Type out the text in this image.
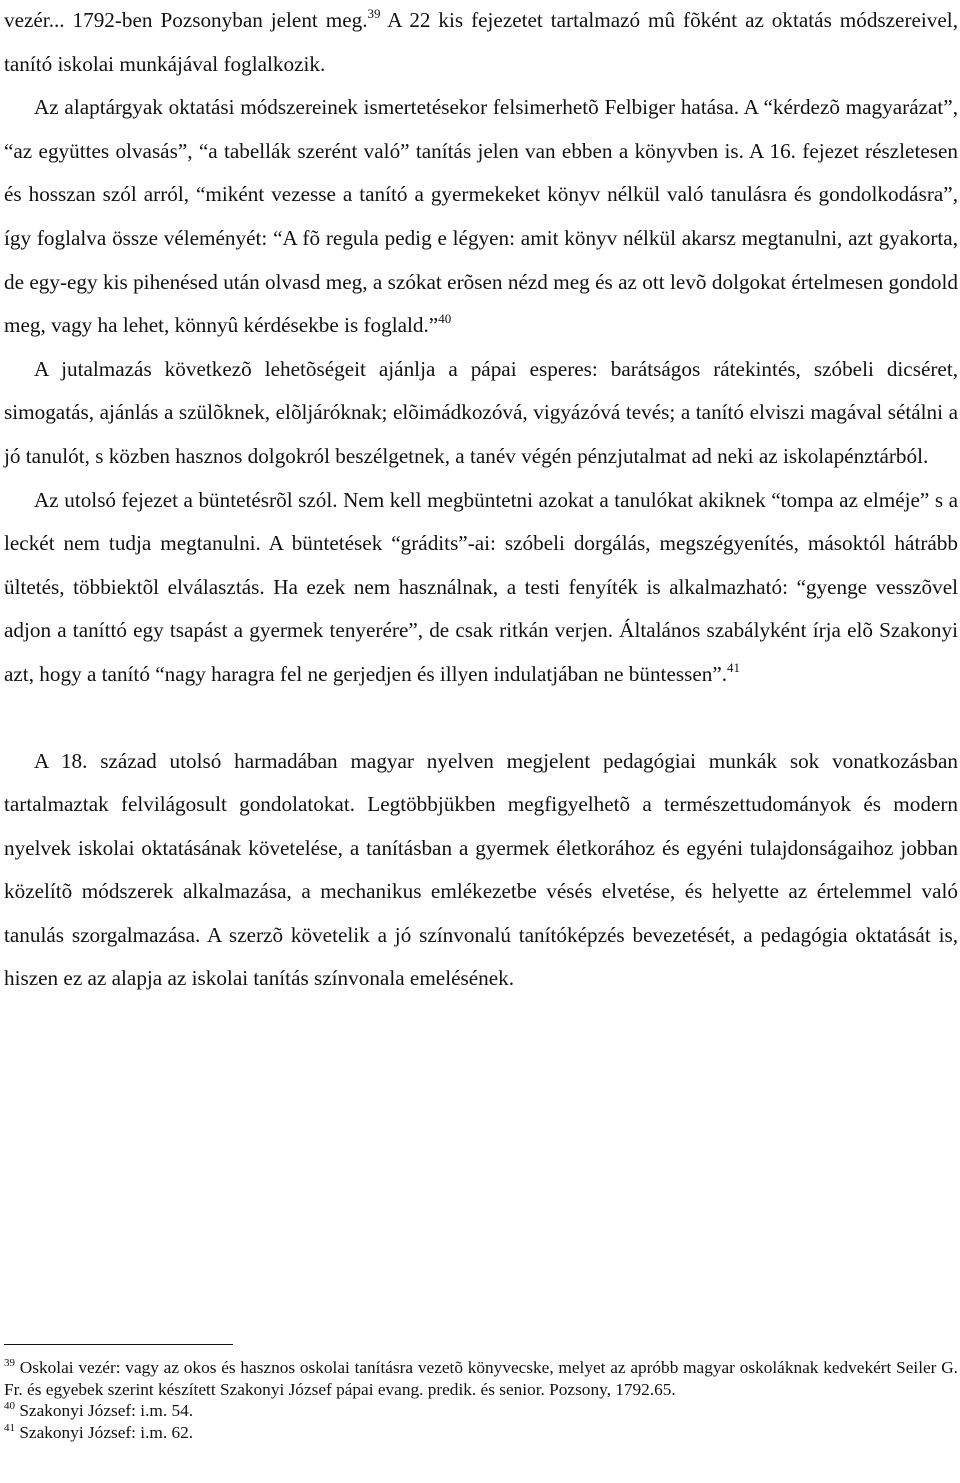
vezér... 1792-ben Pozsonyban jelent meg.$^{39}$ A 22 kis fejezetet tartalmazó mû fõként az oktatás módszereivel, tanító iskolai munkájával foglalkozik.

Az alaptárgyak oktatási módszereinek ismertetésekor felsimerhetõ Felbiger hatása. A “kérdezõ magyarázat”, “az együttes olvasás”, “a tabellák szerént való” tanítás jelen van ebben a könyvben is. A 16. fejezet részletesen és hosszan szól arról, “miként vezesse a tanító a gyermekeket könyv nélkül való tanulásra és gondolkodásra”, így foglalva össze véleményét: “A fõ regula pedig e légyen: amit könyv nélkül akarsz megtanulni, azt gyakorta, de egy-egy kis pihenésed után olvasd meg, a szókat erõsen nézd meg és az ott levõ dolgokat értelmesen gondold meg, vagy ha lehet, könnyû kérdésekbe is foglald.”$^{40}$

A jutalmazás következõ lehetõségeit ajánlja a pápai esperes: barátságos rátekintés, szóbeli dicséret, simogatás, ajánlás a szülõknek, elõljáróknak; elõimádkozóvá, vigyázóvá tevés; a tanító elviszi magával sétálni a jó tanulót, s közben hasznos dolgokról beszélgetnek, a tanév végén pénzjutalmat ad neki az iskolapénztárból.

Az utolsó fejezet a büntetésrõl szól. Nem kell megbüntetni azokat a tanulókat akiknek “tompa az elméje” s a leckét nem tudja megtanulni. A büntetések “grádits”-ai: szóbeli dorgálás, megszégyenítés, másoktól hátrább ültetés, többiektõl elválasztás. Ha ezek nem használnak, a testi fenyíték is alkalmazható: “gyenge vesszõvel adjon a taníttó egy tsapást a gyermek tenyerére”, de csak ritkán verjen. Általános szabályként írja elõ Szakonyi azt, hogy a tanító “nagy haragra fel ne gerjedjen és illyen indulatjában ne büntessen”.$^{41}$

A 18. század utolsó harmadában magyar nyelven megjelent pedagógiai munkák sok vonatkozásban tartalmaztak felvilágosult gondolatokat. Legtöbbjükben megfigyelhetõ a természettudományok és modern nyelvek iskolai oktatásának követelése, a tanításban a gyermek életkorához és egyéni tulajdonságaihoz jobban közelítõ módszerek alkalmazása, a mechanikus emlékezetbe vésés elvetése, és helyette az értelemmel való tanulás szorgalmazása. A szerzõ követelik a jó színvonalú tanítóképzés bevezetését, a pedagógia oktatását is, hiszen ez az alapja az iskolai tanítás színvonala emelésének.

$^{39}$ Oskolai vezér: vagy az okos és hasznos oskolai tanításra vezetõ könyvecske, melyet az apróbb magyar oskoláknak kedvekért Seiler G. Fr. és egyebek szerint készített Szakonyi József pápai evang. predik. és senior. Pozsony, 1792.65.

$^{40}$ Szakonyi József: i.m. 54.

$^{41}$ Szakonyi József: i.m. 62.
